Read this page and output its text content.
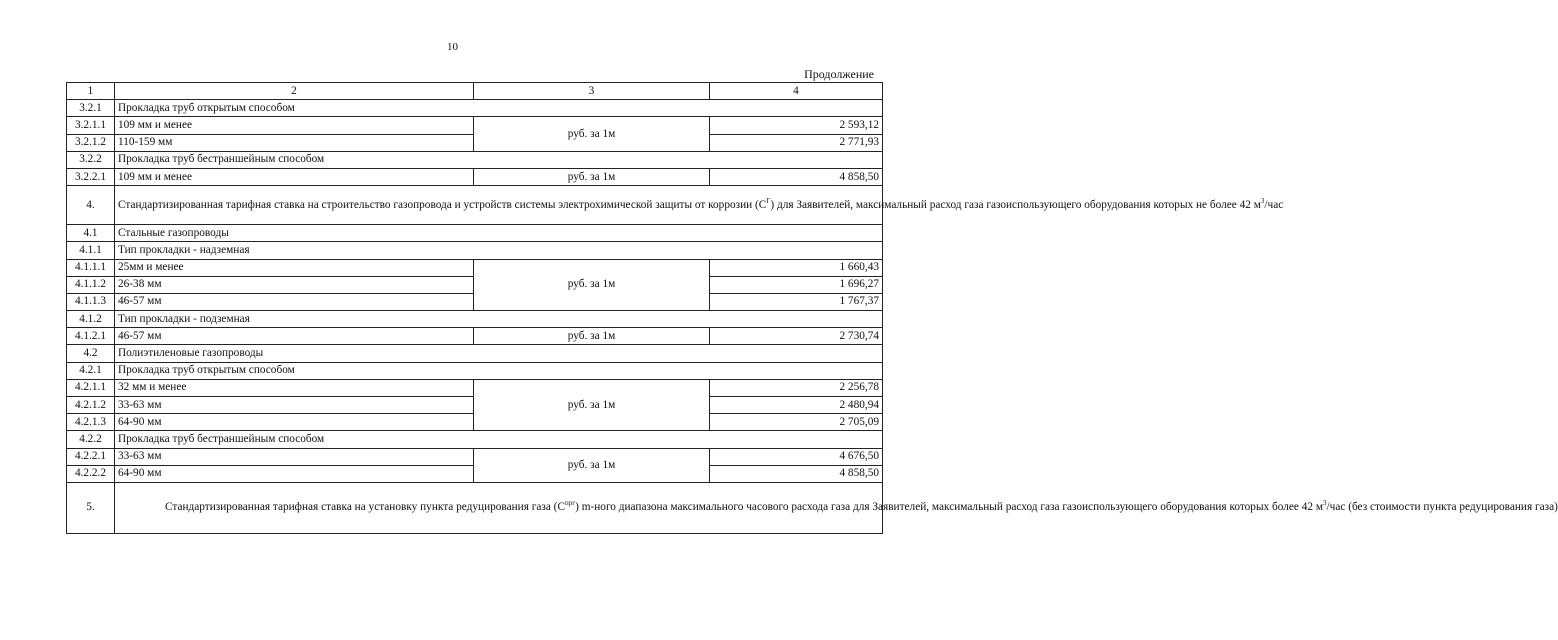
10
Продолжение
1	2	3	4
3.2.1	Прокладка труб открытым способом		
3.2.1.1	109 мм и менее	руб. за 1м	2 593,12
3.2.1.2	110-159 мм		2 771,93
3.2.2	Прокладка труб бестраншейным способом		
3.2.2.1	109 мм и менее	руб. за 1м	4 858,50
4.	Стандартизированная тарифная ставка на строительство газопровода и устройств системы электрохимической защиты от коррозии $(C^Г)$ для Заявителей, максимальный расход газа газоиспользующего оборудования которых не более 42 $м^3$/час		
4.1	Стальные газопроводы		
4.1.1	Тип прокладки - надземная		
4.1.1.1	25мм и менее	руб. за 1м	1 660,43
4.1.1.2	26-38 мм		1 696,27
4.1.1.3	46-57 мм		1 767,37
4.1.2	Тип прокладки - подземная		
4.1.2.1	46-57 мм	руб. за 1м	2 730,74
4.2	Полиэтиленовые газопроводы		
4.2.1	Прокладка труб открытым способом		
4.2.1.1	32 мм и менее	руб. за 1м	2 256,78
4.2.1.2	33-63 мм		2 480,94
4.2.1.3	64-90 мм		2 705,09
4.2.2	Прокладка труб бестраншейным способом		
4.2.2.1	33-63 мм	руб. за 1м	4 676,50
4.2.2.2	64-90 мм		4 858,50
5.	Стандартизированная тарифная ставка на установку пункта редуцирования газа $(C^{прг})$ m-ного диапазона максимального часового расхода газа для Заявителей, максимальный расход газа газоиспользующего оборудования которых более 42 $м^3$/час (без стоимости пункта редуцирования газа)		
